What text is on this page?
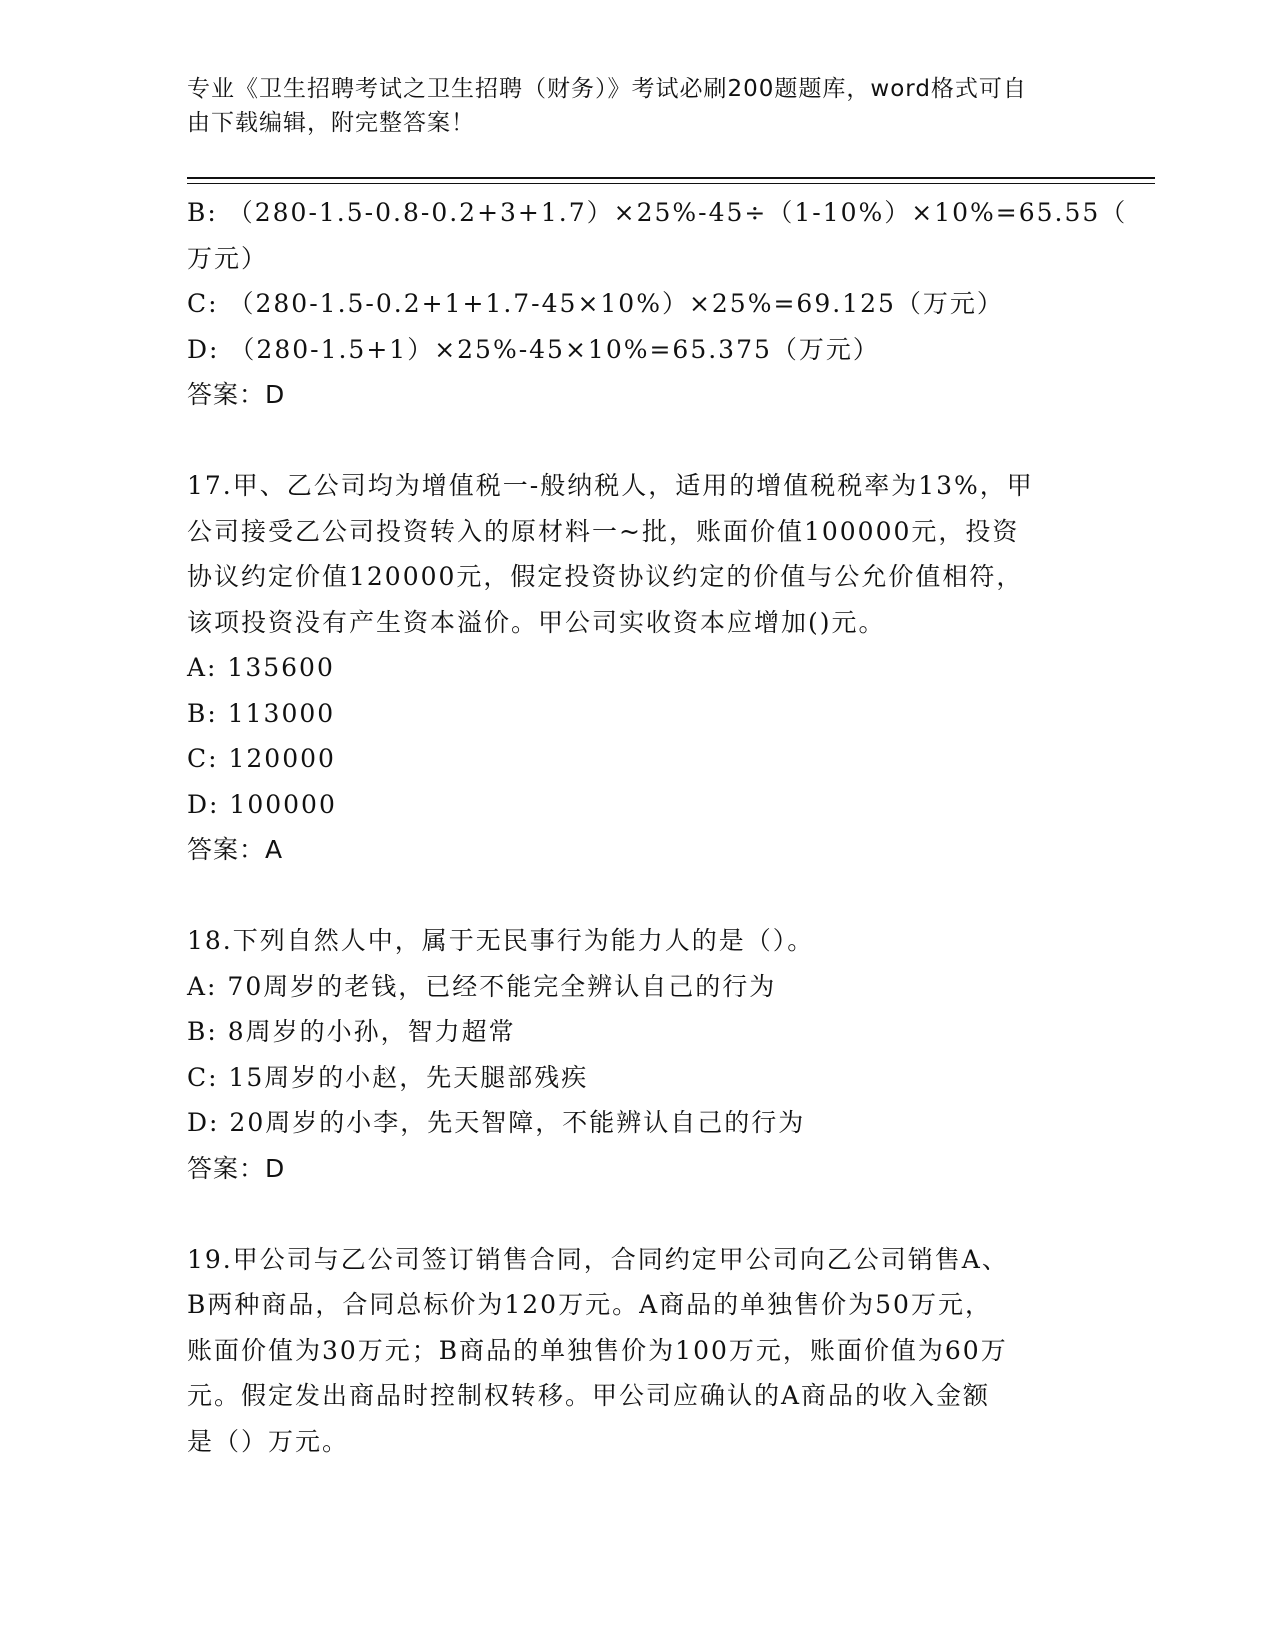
专业《卫生招聘考试之卫生招聘（财务）》考试必刷200题题库，word格式可自
由下载编辑，附完整答案！
B: （280-1.5-0.8-0.2+3+1.7）×25%-45÷（1-10%）×10%=65.55（
万元）
C: （280-1.5-0.2+1+1.7-45×10%）×25%=69.125（万元）
D: （280-1.5+1）×25%-45×10%=65.375（万元）
答案：D
17.甲、乙公司均为增值税一-般纳税人，适用的增值税税率为13%，甲
公司接受乙公司投资转入的原材料一~批，账面价值100000元，投资
协议约定价值120000元，假定投资协议约定的价值与公允价值相符，
该项投资没有产生资本溢价。甲公司实收资本应增加()元。
A: 135600
B: 113000
C: 120000
D: 100000
答案：A
18.下列自然人中，属于无民事行为能力人的是（）。
A: 70周岁的老钱，已经不能完全辨认自己的行为
B: 8周岁的小孙，智力超常
C: 15周岁的小赵，先天腿部残疾
D: 20周岁的小李，先天智障，不能辨认自己的行为
答案：D
19.甲公司与乙公司签订销售合同，合同约定甲公司向乙公司销售A、
B两种商品，合同总标价为120万元。A商品的单独售价为50万元，
账面价值为30万元；B商品的单独售价为100万元，账面价值为60万
元。假定发出商品时控制权转移。甲公司应确认的A商品的收入金额
是（）万元。
